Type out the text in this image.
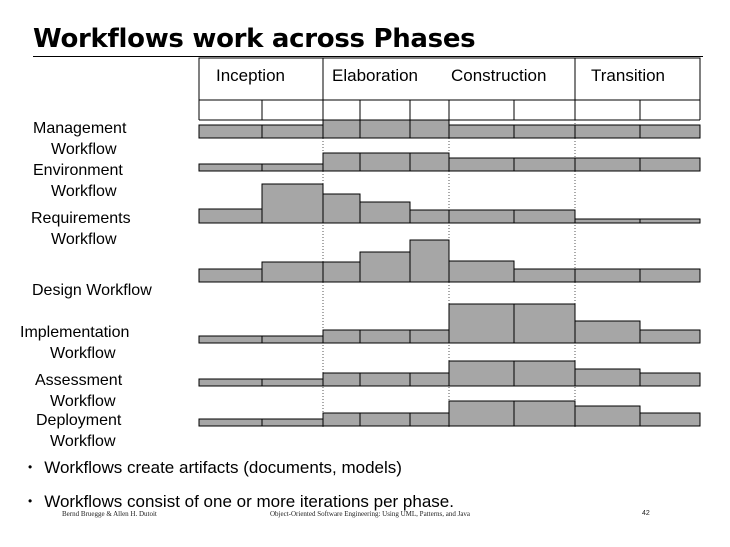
Workflows work across Phases
Inception	Elaboration Construction	Transition
Management
Workflow
Environment
Workflow
Requirements
Workflow
Design Workflow
Implementation
Workflow
Assessment
Workflow
Deployment
Workflow
• Workflows create artifacts (documents, models)
• Workflows consist of one or more iterations per phase.
Bernd Bruegge & Allen H. Dutoit	Object-Oriented Software Engineering: Using UML, Patterns, and Java	42
